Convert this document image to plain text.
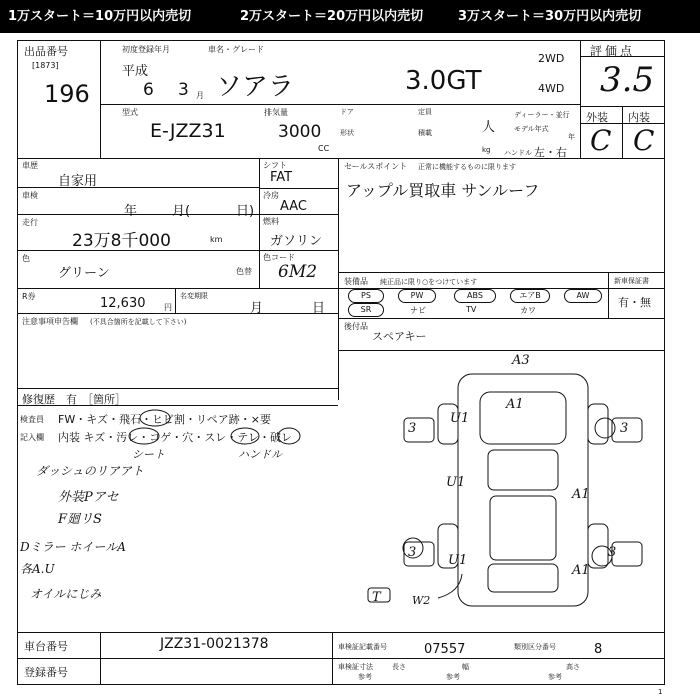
1万スタート＝10万円以内売切	2万スタート＝20万円以内売切	3万スタート＝30万円以内売切
出品番号
[1873]
196
初度登録年月	車名・グレード
平成
6 3 月 ソアラ	3.0GT
2WD
4WD
型式
E-JZZ31
排気量
3000
CC
ドア
形状
定員
積載	人
kg
ディーラー・並行
モデル年式
年
ハンドル 左・右
評価点
3.5
外装 内装
C C
車歴
自家用
車検
年	月(	日)
走行
23万8千000	km
色
グリーン	色替
R券	12,630 円
名変期限
月	日
シフト
FAT
冷房
AAC
燃料
ガソリン
色コード
6M2
セールスポイント 正常に機能するものに限ります
アップル買取車 サンルーフ
装備品 純正品に限り○をつけています	新車保証書
有・無
PS	PW	ABS	エアB	AW
SR	ナビ	TV	カワ
後付品
スペアキー
注意事項申告欄 (不具合箇所を記載して下さい)
修復歴 有 ［箇所］
検査員 FW・キズ・飛石・ヒビ割・リペア跡・×要
記入欄 内装 キズ・汚レ・コゲ・穴・スレ・テレ・破レ
シート	ハンドル
ダッシュのリアアト
外装Pアセ
F廻リS
Dミラー ホイールA
各A.U
オイルにじみ
A3
A1
U1
3	3
U1
A1
3	3
U1
A1
T	W2
車台番号	JZZ31-0021378
登録番号
車検証記載番号	07557	類別区分番号	8
車検証寸法	長さ	幅	高さ
参考	参考	参考
1
